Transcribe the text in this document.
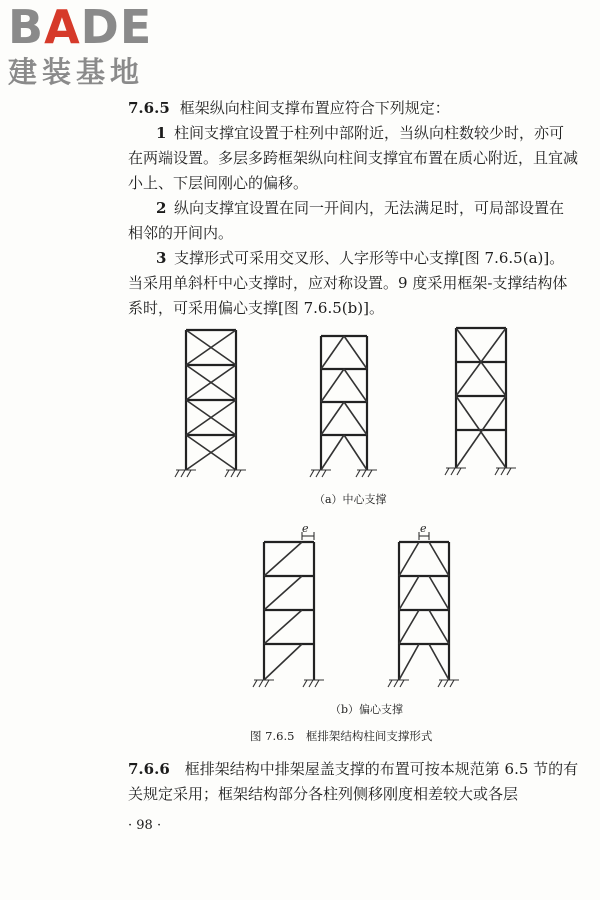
BADE
建装基地
7.6.5 框架纵向柱间支撑布置应符合下列规定：
1  柱间支撑宜设置于柱列中部附近，当纵向柱数较少时，亦可在两端设置。多层多跨框架纵向柱间支撑宜布置在质心附近，且宜减小上、下层间刚心的偏移。
2  纵向支撑宜设置在同一开间内，无法满足时，可局部设置在相邻的开间内。
3  支撑形式可采用交叉形、人字形等中心支撑[图 7.6.5(a)]。当采用单斜杆中心支撑时，应对称设置。9 度采用框架-支撑结构体系时，可采用偏心支撑[图 7.6.5(b)]。
（a）中心支撑
e	e
（b）偏心支撑
图 7.6.5　框排架结构柱间支撑形式
7.6.6  框排架结构中排架屋盖支撑的布置可按本规范第 6.5 节的有关规定采用；框架结构部分各柱列侧移刚度相差较大或各层
· 98 ·
